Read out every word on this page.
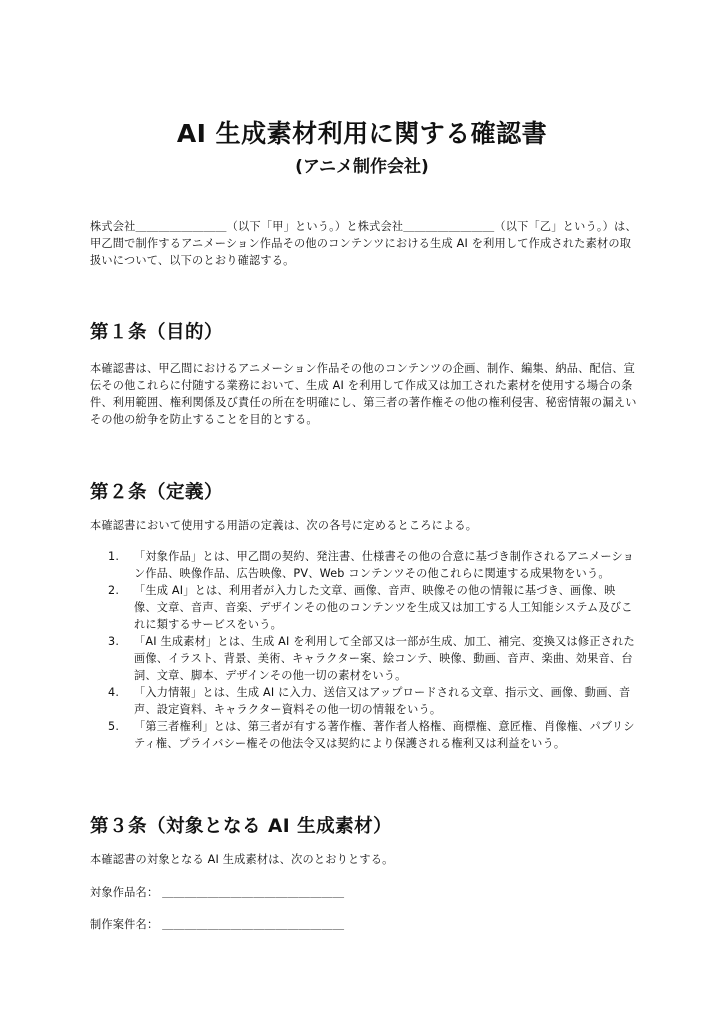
AI 生成素材利用に関する確認書
(アニメ制作会社)

株式会社＿＿＿＿＿＿＿＿（以下「甲」という。）と株式会社＿＿＿＿＿＿＿＿（以下「乙」という。）は、甲乙間で制作するアニメーション作品その他のコンテンツにおける生成 AI を利用して作成された素材の取扱いについて、以下のとおり確認する。

第１条（目的）

本確認書は、甲乙間におけるアニメーション作品その他のコンテンツの企画、制作、編集、納品、配信、宣伝その他これらに付随する業務において、生成 AI を利用して作成又は加工された素材を使用する場合の条件、利用範囲、権利関係及び責任の所在を明確にし、第三者の著作権その他の権利侵害、秘密情報の漏えいその他の紛争を防止することを目的とする。

第２条（定義）

本確認書において使用する用語の定義は、次の各号に定めるところによる。

1. 「対象作品」とは、甲乙間の契約、発注書、仕様書その他の合意に基づき制作されるアニメーション作品、映像作品、広告映像、PV、Web コンテンツその他これらに関連する成果物をいう。
2. 「生成 AI」とは、利用者が入力した文章、画像、音声、映像その他の情報に基づき、画像、映像、文章、音声、音楽、デザインその他のコンテンツを生成又は加工する人工知能システム及びこれに類するサービスをいう。
3. 「AI 生成素材」とは、生成 AI を利用して全部又は一部が生成、加工、補完、変換又は修正された画像、イラスト、背景、美術、キャラクター案、絵コンテ、映像、動画、音声、楽曲、効果音、台詞、文章、脚本、デザインその他一切の素材をいう。
4. 「入力情報」とは、生成 AI に入力、送信又はアップロードされる文章、指示文、画像、動画、音声、設定資料、キャラクター資料その他一切の情報をいう。
5. 「第三者権利」とは、第三者が有する著作権、著作者人格権、商標権、意匠権、肖像権、パブリシティ権、プライバシー権その他法令又は契約により保護される権利又は利益をいう。
第３条（対象となる AI 生成素材）

本確認書の対象となる AI 生成素材は、次のとおりとする。

対象作品名： ＿＿＿＿＿＿＿＿＿＿＿＿＿＿＿＿
制作案件名： ＿＿＿＿＿＿＿＿＿＿＿＿＿＿＿＿
